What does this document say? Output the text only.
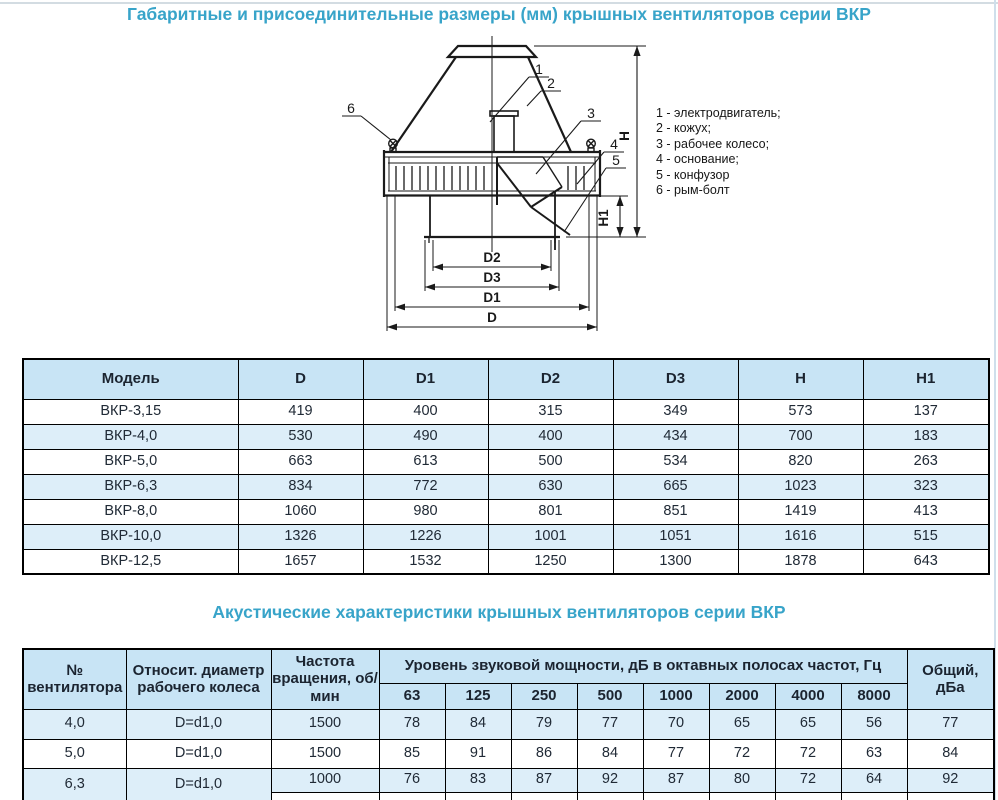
Габаритные и присоединительные размеры (мм) крышных вентиляторов серии ВКР
1
2
3
4
5
6
D2
D3
D1
D
H
H1
1 - электродвигатель;
2 - кожух;
3 - рабочее колесо;
4 - основание;
5 - конфузор
6 - рым-болт
Модель	D	D1	D2	D3	H	H1
ВКР-3,15	419	400	315	349	573	137
ВКР-4,0	530	490	400	434	700	183
ВКР-5,0	663	613	500	534	820	263
ВКР-6,3	834	772	630	665	1023	323
ВКР-8,0	1060	980	801	851	1419	413
ВКР-10,0	1326	1226	1001	1051	1616	515
ВКР-12,5	1657	1532	1250	1300	1878	643
Акустические характеристики крышных вентиляторов серии ВКР
№ вентилятора	Относит. диаметр рабочего колеса	Частота вращения, об/мин	Уровень звуковой мощности, дБ в октавных полосах частот, Гц								Общий, дБа
			63	125	250	500	1000	2000	4000	8000	
4,0	D=d1,0	1500	78	84	79	77	70	65	65	56	77
5,0	D=d1,0	1500	85	91	86	84	77	72	72	63	84
6,3	D=d1,0	1000	76	83	87	92	87	80	72	64	92
